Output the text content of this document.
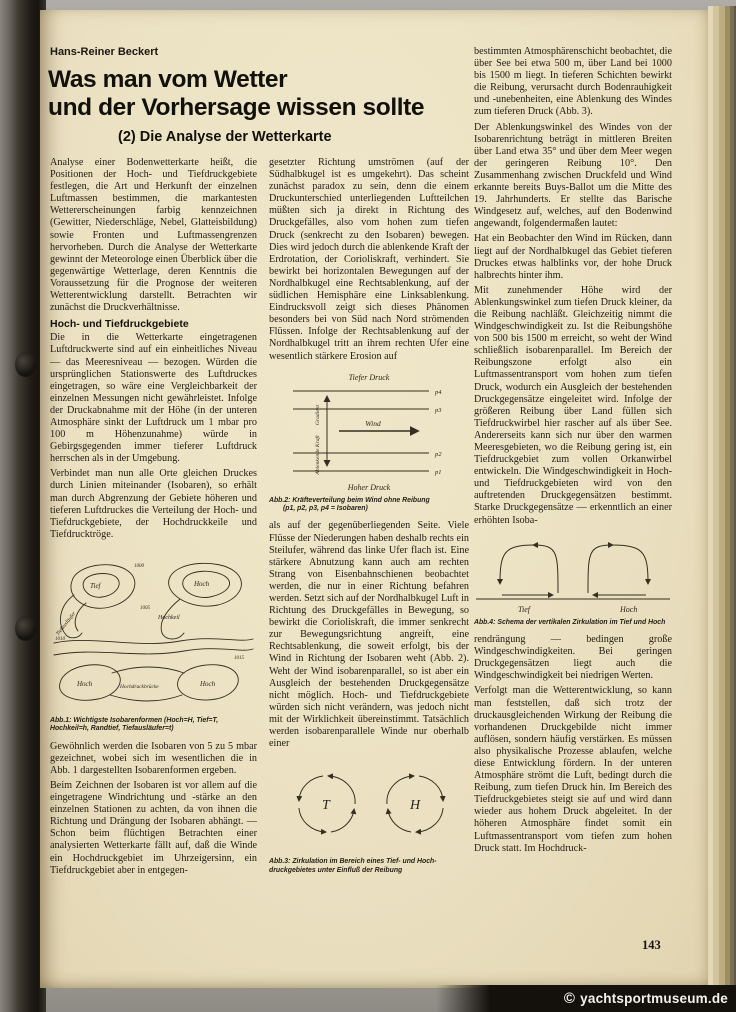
Hans-Reiner Beckert
Was man vom Wetter
und der Vorhersage wissen sollte
(2) Die Analyse der Wetterkarte

Analyse einer Bodenwetterkarte heißt, die Positionen der Hoch- und Tiefdruckgebiete festlegen, die Art und Herkunft der einzelnen Luftmassen bestimmen, die markantesten Wettererscheinungen farbig kennzeichnen (Gewitter, Niederschläge, Nebel, Glatteisbildung) sowie Fronten und Luftmassengrenzen hervorheben. Durch die Analyse der Wetterkarte gewinnt der Meteorologe einen Überblick über die gegenwärtige Wetterlage, deren Kenntnis die Voraussetzung für die Prognose der weiteren Wetterentwicklung darstellt. Betrachten wir zunächst die Druckverhältnisse.

Hoch- und Tiefdruckgebiete

Die in die Wetterkarte eingetragenen Luftdruckwerte sind auf ein einheitliches Niveau — das Meeresniveau — bezogen. Würden die ursprünglichen Stationswerte des Luftdruckes eingetragen, so wäre eine Vergleichbarkeit der einzelnen Messungen nicht gewährleistet. Infolge der Druckabnahme mit der Höhe (in der unteren Atmosphäre sinkt der Luftdruck um 1 mbar pro 100 m Höhenzunahme) würde in Gebirgsgegenden immer tieferer Luftdruck herrschen als in der Umgebung.

Verbindet man nun alle Orte gleichen Druckes durch Linien miteinander (Isobaren), so erhält man durch Abgrenzung der Gebiete höheren und tieferen Luftdruckes die Verteilung der Hoch- und Tiefdruckgebiete, der Hochdruckkeile und Tiefdrucktröge.

Tief	Hoch
Hochkeil
Tiefausläufer
Hoch	Hochdruckbrücke	Hoch
1000
1005
1010
1015
Abb.1: Wichtigste Isobarenformen (Hoch=H, Tief=T, Hochkeil=h, Randtief, Tiefausläufer=t)

Gewöhnlich werden die Isobaren von 5 zu 5 mbar gezeichnet, wobei sich im wesentlichen die in Abb. 1 dargestellten Isobarenformen ergeben.

Beim Zeichnen der Isobaren ist vor allem auf die eingetragene Windrichtung und -stärke an den einzelnen Stationen zu achten, da von ihnen die Richtung und Drängung der Isobaren abhängt. — Schon beim flüchtigen Betrachten einer analysierten Wetterkarte fällt auf, daß die Winde ein Hochdruckgebiet im Uhrzeigersinn, ein Tiefdruckgebiet aber in entgegen-

gesetzter Richtung umströmen (auf der Südhalbkugel ist es umgekehrt). Das scheint zunächst paradox zu sein, denn die einem Druckunterschied unterliegenden Luftteilchen müßten sich ja direkt in Richtung des Druckgefälles, also vom hohen zum tiefen Druck (senkrecht zu den Isobaren) bewegen. Dies wird jedoch durch die ablenkende Kraft der Erdrotation, der Corioliskraft, verhindert. Sie bewirkt bei horizontalen Bewegungen auf der Nordhalbkugel eine Rechtsablenkung, auf der südlichen Hemisphäre eine Linksablenkung. Eindrucksvoll zeigt sich dieses Phänomen besonders bei von Süd nach Nord strömenden Flüssen. Infolge der Rechtsablenkung auf der Nordhalbkugel tritt an ihrem rechten Ufer eine wesentlich stärkere Erosion auf

Tiefer Druck
Hoher Druck
Wind
Gradient
Ablenkende Kraft
p4
p3
p2
p1
Abb.2: Kräfteverteilung beim Wind ohne Reibung
(p1, p2, p3, p4 = Isobaren)

als auf der gegenüberliegenden Seite. Viele Flüsse der Niederungen haben deshalb rechts ein Steilufer, während das linke Ufer flach ist. Eine stärkere Abnutzung kann auch am rechten Strang von Eisenbahnschienen beobachtet werden, die nur in einer Richtung befahren werden. Setzt sich auf der Nordhalbkugel Luft in Richtung des Druckgefälles in Bewegung, so bewirkt die Corioliskraft, die immer senkrecht zur Bewegungsrichtung angreift, eine Rechtsablenkung, die soweit erfolgt, bis der Wind in Richtung der Isobaren weht (Abb. 2). Weht der Wind isobarenparallel, so ist aber ein Ausgleich der bestehenden Druckgegensätze nicht möglich. Hoch- und Tiefdruckgebiete würden sich nicht verändern, was jedoch nicht mit der Wirklichkeit übereinstimmt. Tatsächlich werden isobarenparallele Winde nur oberhalb einer

T	H
Abb.3: Zirkulation im Bereich eines Tief- und Hoch-
druckgebietes unter Einfluß der Reibung

bestimmten Atmosphärenschicht beobachtet, die über See bei etwa 500 m, über Land bei 1000 bis 1500 m liegt. In tieferen Schichten bewirkt die Reibung, verursacht durch Bodenrauhigkeit und -unebenheiten, eine Ablenkung des Windes zum tieferen Druck (Abb. 3).

Der Ablenkungswinkel des Windes von der Isobarenrichtung beträgt in mittleren Breiten über Land etwa 35° und über dem Meer wegen der geringeren Reibung 10°. Den Zusammenhang zwischen Druckfeld und Wind erkannte bereits Buys-Ballot um die Mitte des 19. Jahrhunderts. Er stellte das Barische Windgesetz auf, welches, auf den Bodenwind angewandt, folgendermaßen lautet:

Hat ein Beobachter den Wind im Rücken, dann liegt auf der Nordhalbkugel das Gebiet tieferen Druckes etwas halblinks vor, der hohe Druck halbrechts hinter ihm.

Mit zunehmender Höhe wird der Ablenkungswinkel zum tiefen Druck kleiner, da die Reibung nachläßt. Gleichzeitig nimmt die Windgeschwindigkeit zu. Ist die Reibungshöhe von 500 bis 1500 m erreicht, so weht der Wind schließlich isobarenparallel. Im Bereich der Reibungszone erfolgt also ein Luftmassentransport vom hohen zum tiefen Druck, wodurch ein Ausgleich der bestehenden Druckgegensätze eingeleitet wird. Infolge der größeren Reibung über Land füllen sich Tiefdruckwirbel hier rascher auf als über See. Andererseits kann sich nur über den warmen Meeresgebieten, wo die Reibung gering ist, ein Tiefdruckgebiet zum vollen Orkanwirbel entwickeln. Die Windgeschwindigkeit in Hoch- und Tiefdruckgebieten wird von den auftretenden Druckgegensätzen bestimmt. Starke Druckgegensätze — erkenntlich an einer erhöhten Isoba-

Tief	Hoch
Abb.4: Schema der vertikalen Zirkulation im Tief und Hoch

rendrängung — bedingen große Windgeschwindigkeiten. Bei geringen Druckgegensätzen liegt auch die Windgeschwindigkeit bei niedrigen Werten.

Verfolgt man die Wetterentwicklung, so kann man feststellen, daß sich trotz der druckausgleichenden Wirkung der Reibung die vorhandenen Druckgebilde nicht immer auflösen, sondern häufig verstärken. Es müssen also physikalische Prozesse ablaufen, welche diese Entwicklung fördern. In der unteren Atmosphäre strömt die Luft, bedingt durch die Reibung, zum tiefen Druck hin. Im Bereich des Tiefdruckgebietes steigt sie auf und wird dann wieder aus hohem Druck abgeleitet. In der höheren Atmosphäre findet somit ein Luftmassentransport vom tiefen zum hohen Druck statt. Im Hochdruck-

143
© yachtsportmuseum.de
